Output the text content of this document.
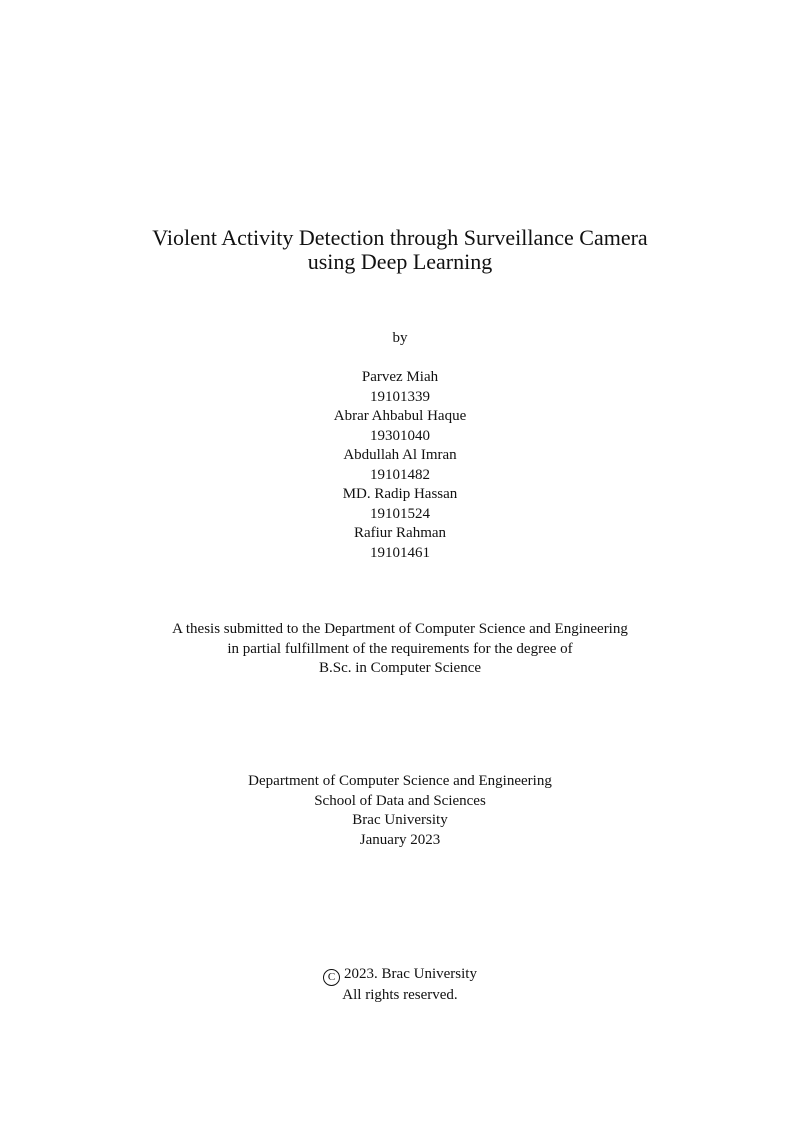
Violent Activity Detection through Surveillance Camera
using Deep Learning
by
Parvez Miah
19101339
Abrar Ahbabul Haque
19301040
Abdullah Al Imran
19101482
MD. Radip Hassan
19101524
Rafiur Rahman
19101461
A thesis submitted to the Department of Computer Science and Engineering
in partial fulfillment of the requirements for the degree of
B.Sc. in Computer Science
Department of Computer Science and Engineering
School of Data and Sciences
Brac University
January 2023
C 2023. Brac University
All rights reserved.
